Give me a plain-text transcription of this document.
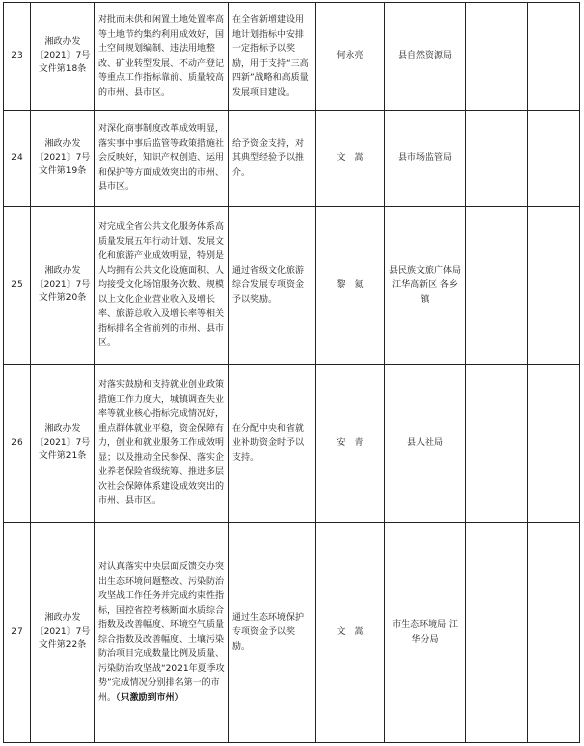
23	湘政办发〔2021〕7号文件第18条	对批而未供和闲置土地处置率高等土地节约集约利用成效好，国土空间规划编制、违法用地整改、矿业转型发展、不动产登记等重点工作指标靠前、质量较高的市州、县市区。	在全省新增建设用地计划指标中安排一定指标予以奖励，用于支持“三高四新”战略和高质量发展项目建设。	何永亮	县自然资源局		
24	湘政办发〔2021〕7号文件第19条	对深化商事制度改革成效明显，落实事中事后监管等政策措施社会反映好，知识产权创造、运用和保护等方面成效突出的市州、县市区。	给予资金支持，对其典型经验予以推介。	文　嵩	县市场监管局		
25	湘政办发〔2021〕7号文件第20条	对完成全省公共文化服务体系高质量发展五年行动计划、发展文化和旅游产业成效明显，特别是人均拥有公共文化设施面积、人均接受文化场馆服务次数、规模以上文化企业营业收入及增长率、旅游总收入及增长率等相关指标排名全省前列的市州、县市区。	通过省级文化旅游综合发展专项资金予以奖励。	黎　氦	县民族文旅广体局 江华高新区 各乡镇		
26	湘政办发〔2021〕7号文件第21条	对落实鼓励和支持就业创业政策措施工作力度大，城镇调查失业率等就业核心指标完成情况好，重点群体就业平稳，资金保障有力，创业和就业服务工作成效明显；以及推动全民参保、落实企业养老保险省级统筹、推进多层次社会保障体系建设成效突出的市州、县市区。	在分配中央和省就业补助资金时予以支持。	安　青	县人社局		
27	湘政办发〔2021〕7号文件第22条	对认真落实中央层面反馈交办突出生态环境问题整改、污染防治攻坚战工作任务并完成约束性指标，国控省控考核断面水质综合指数及改善幅度、环境空气质量综合指数及改善幅度、土壤污染防治项目完成数量比例及质量、污染防治攻坚战“2021年夏季攻势”完成情况分别排名第一的市州。（只激励到市州）	通过生态环境保护专项资金予以奖励。	文　嵩	市生态环境局 江华分局		
